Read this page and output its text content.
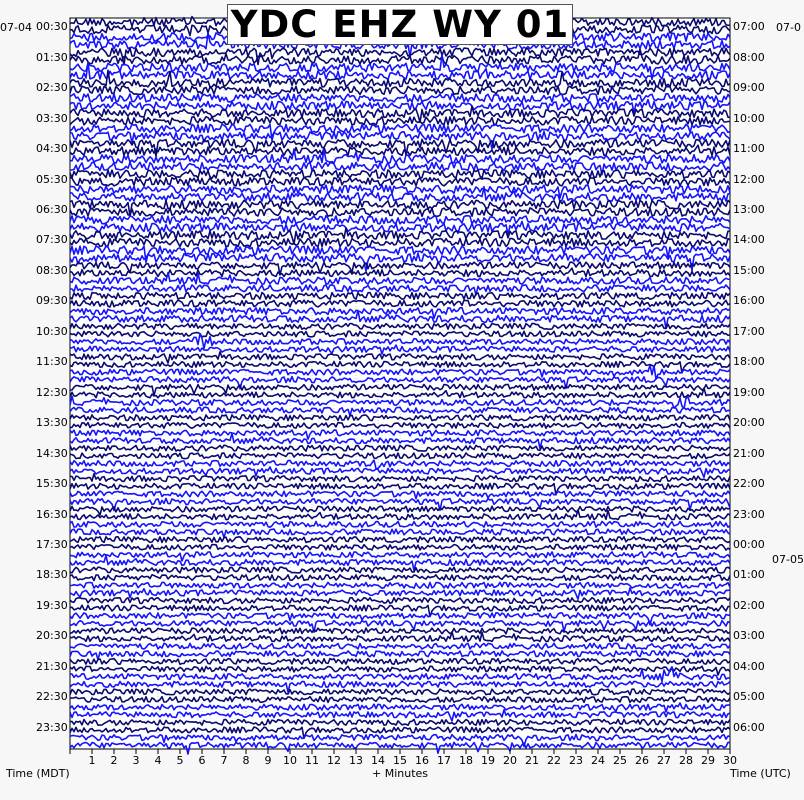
YDC EHZ WY 01
00:30
01:30
02:30
03:30
04:30
05:30
06:30
07:30
08:30
09:30
10:30
11:30
12:30
13:30
14:30
15:30
16:30
17:30
18:30
19:30
20:30
21:30
22:30
23:30
07:00
08:00
09:00
10:00
11:00
12:00
13:00
14:00
15:00
16:00
17:00
18:00
19:00
20:00
21:00
22:00
23:00
00:00
01:00
02:00
03:00
04:00
05:00
06:00
1 2 3 4 5 6 7 8 9 10 11 12 13 14 15 16 17 18 19 20 21 22 23 24 25 26 27 28 29 30
07-04	07-0
07-05
Time (MDT)	+ Minutes	Time (UTC)
